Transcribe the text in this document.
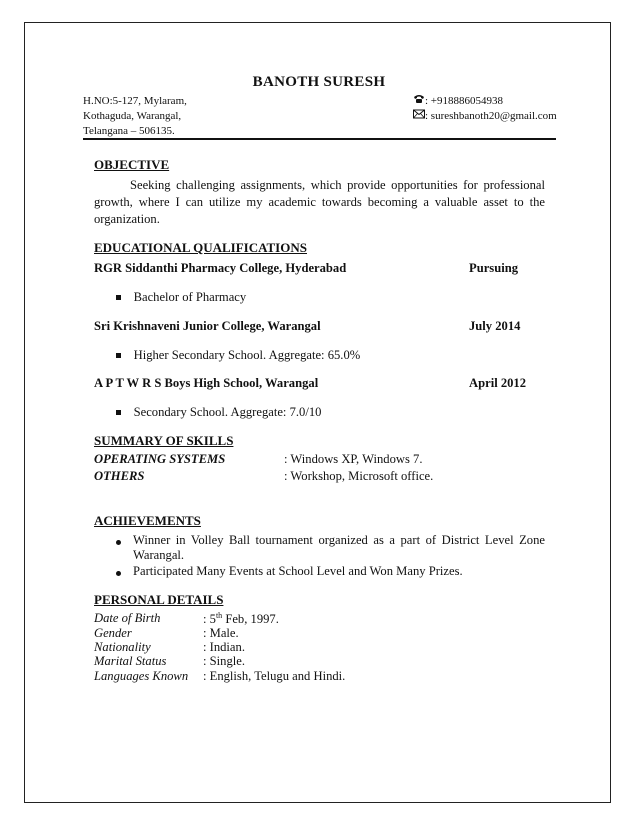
BANOTH SURESH
H.NO:5-127, Mylaram,
Kothaguda, Warangal,
Telangana – 506135.
: +918886054938
: sureshbanoth20@gmail.com
OBJECTIVE
Seeking challenging assignments, which provide opportunities for professional growth, where I can utilize my academic towards becoming a valuable asset to the organization.
EDUCATIONAL QUALIFICATIONS
RGR Siddanthi Pharmacy College, Hyderabad	Pursuing
Bachelor of Pharmacy
Sri Krishnaveni Junior College, Warangal	July 2014
Higher Secondary School. Aggregate: 65.0%
A P T W R S Boys High School, Warangal	April 2012
Secondary School. Aggregate: 7.0/10
SUMMARY OF SKILLS
OPERATING SYSTEMS	: Windows XP, Windows 7.
OTHERS	: Workshop, Microsoft office.
ACHIEVEMENTS
Winner in Volley Ball tournament organized as a part of District Level Zone Warangal.
Participated Many Events at School Level and Won Many Prizes.
PERSONAL DETAILS
Date of Birth	: 5th Feb, 1997.
Gender	: Male.
Nationality	: Indian.
Marital Status	: Single.
Languages Known : English, Telugu and Hindi.
